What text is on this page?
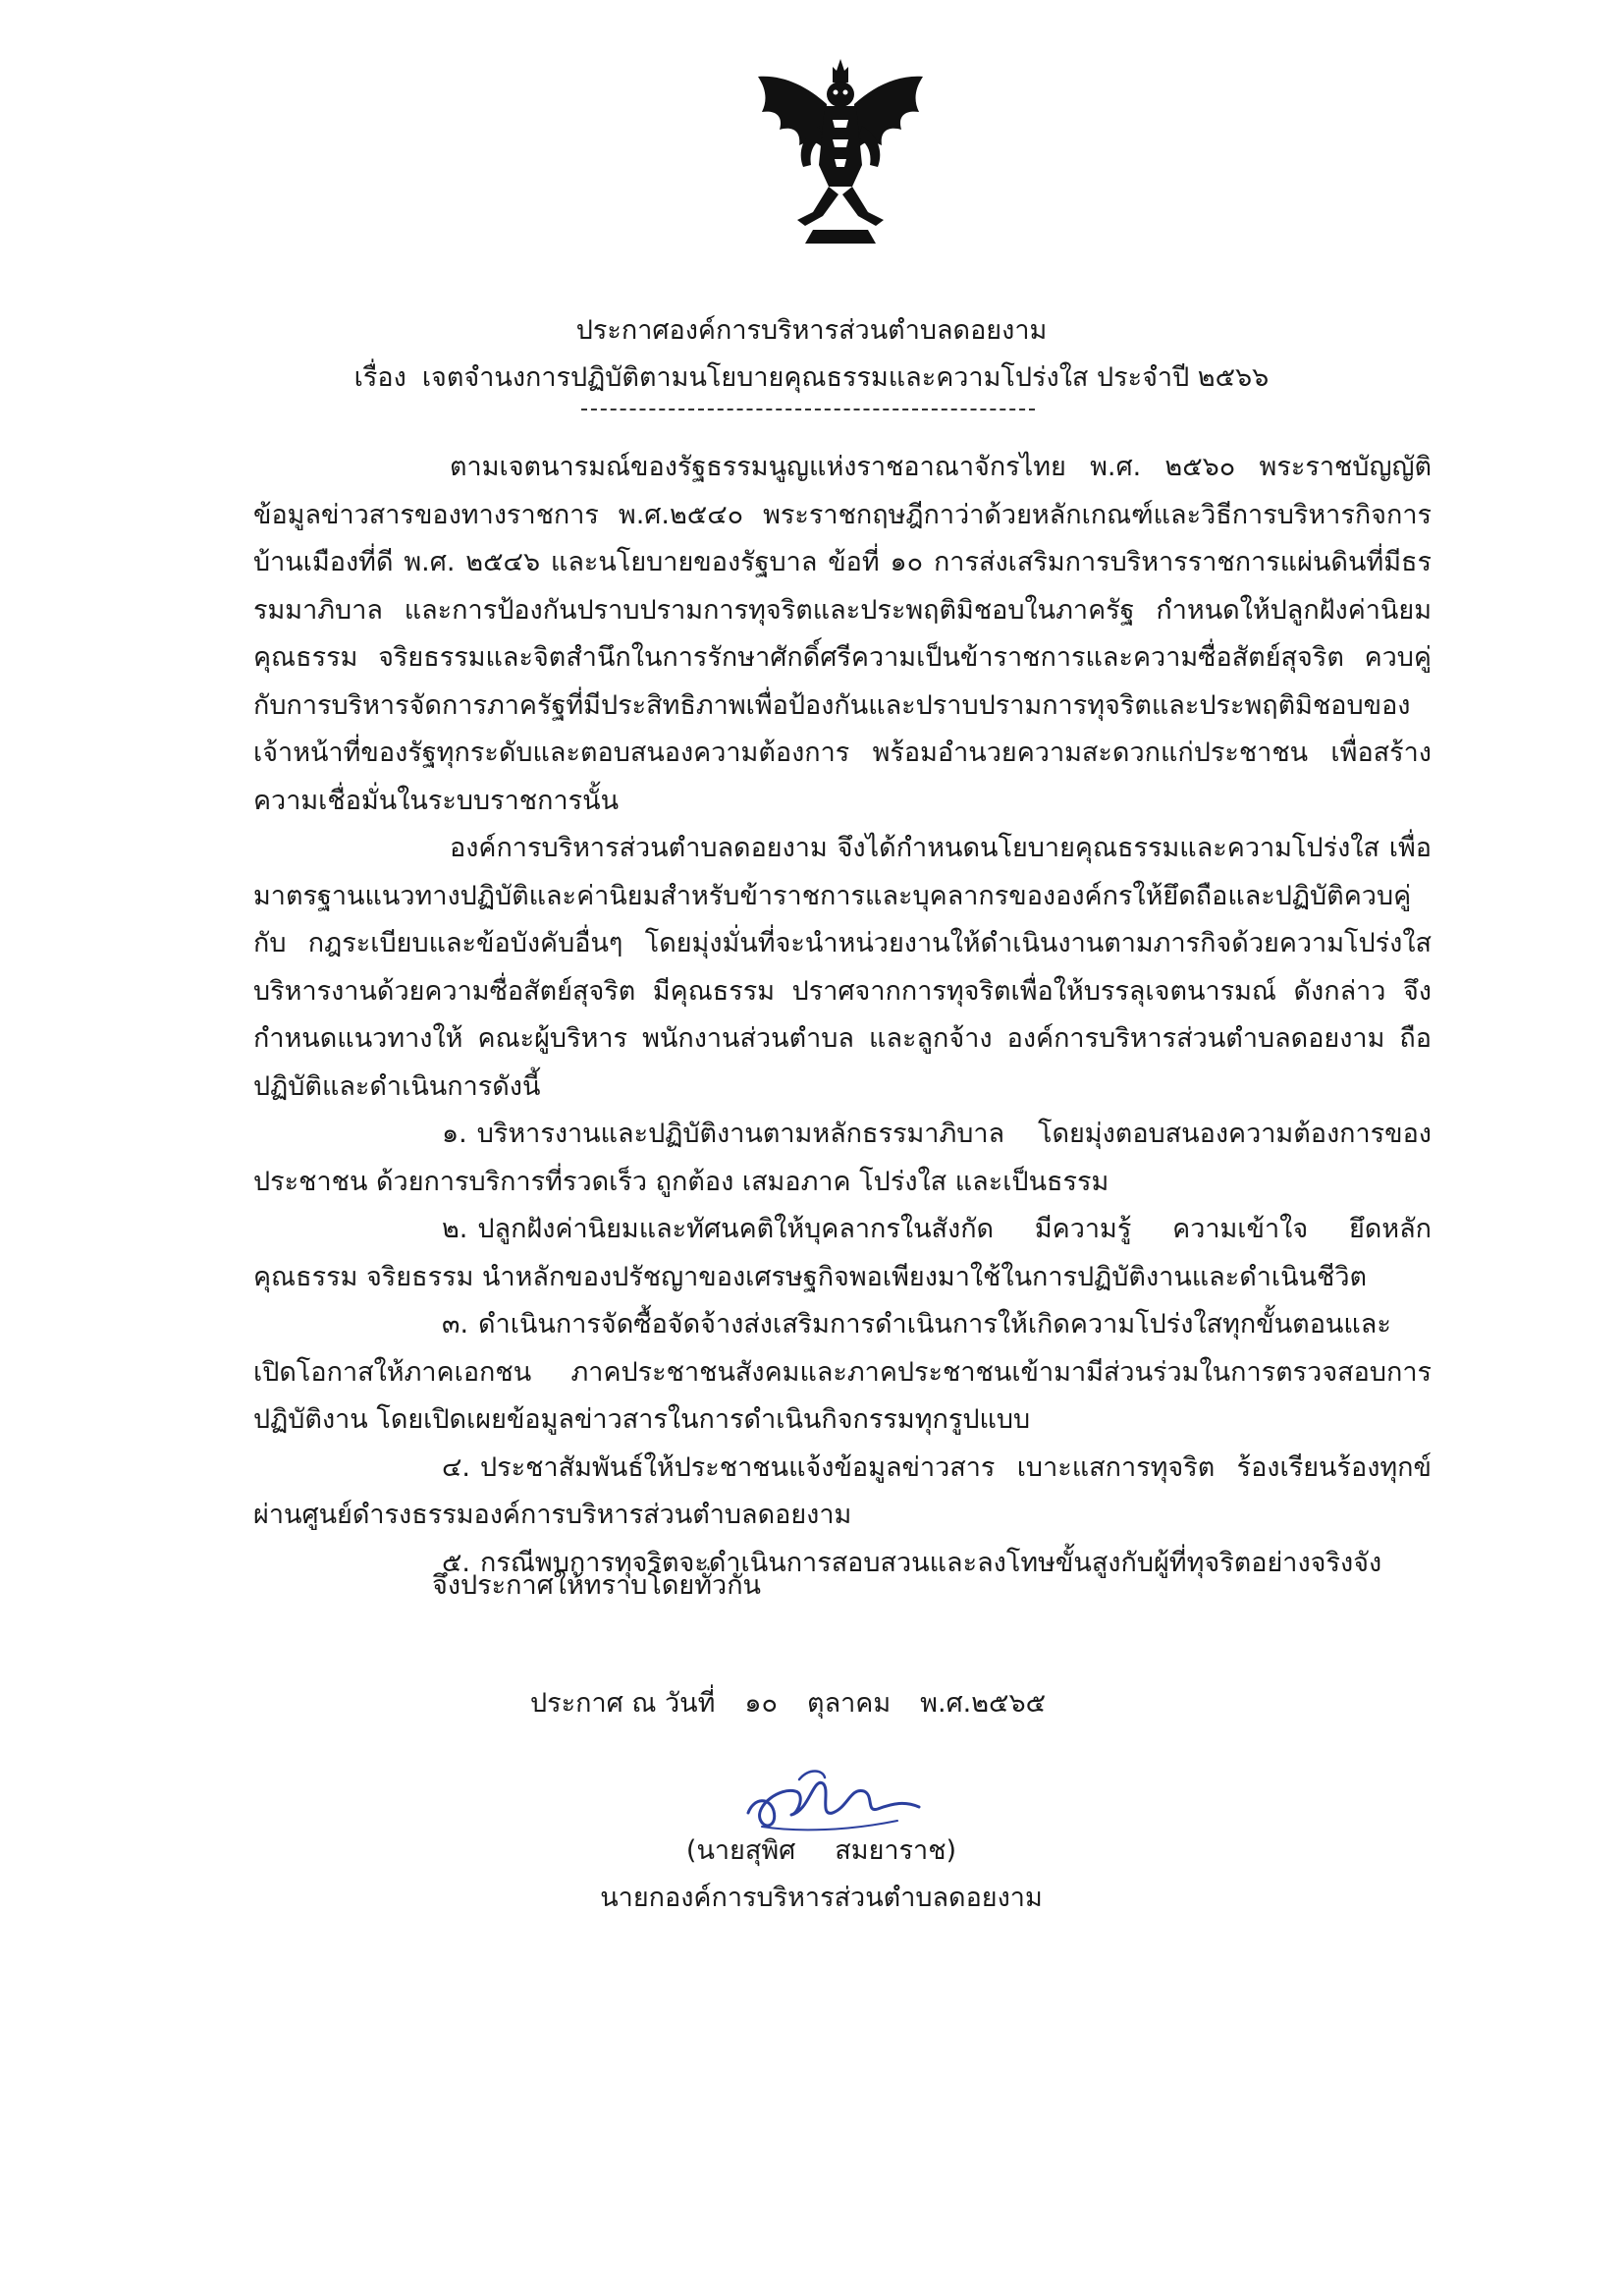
ประกาศองค์การบริหารส่วนตำบลดอยงาม
เรื่อง เจตจำนงการปฏิบัติตามนโยบายคุณธรรมและความโปร่งใส ประจำปี ๒๕๖๖

ตามเจตนารมณ์ของรัฐธรรมนูญแห่งราชอาณาจักรไทย พ.ศ. ๒๕๖๐ พระราชบัญญัติข้อมูลข่าวสารของทางราชการ พ.ศ.๒๕๔๐ พระราชกฤษฎีกาว่าด้วยหลักเกณฑ์และวิธีการบริหารกิจการบ้านเมืองที่ดี พ.ศ. ๒๕๔๖ และนโยบายของรัฐบาล ข้อที่ ๑๐ การส่งเสริมการบริหารราชการแผ่นดินที่มีธรรมมาภิบาล และการป้องกันปราบปรามการทุจริตและประพฤติมิชอบในภาครัฐ กำหนดให้ปลูกฝังค่านิยมคุณธรรม จริยธรรมและจิตสำนึกในการรักษาศักดิ์ศรีความเป็นข้าราชการและความซื่อสัตย์สุจริต ควบคู่กับการบริหารจัดการภาครัฐที่มีประสิทธิภาพเพื่อป้องกันและปราบปรามการทุจริตและประพฤติมิชอบของเจ้าหน้าที่ของรัฐทุกระดับและตอบสนองความต้องการ พร้อมอำนวยความสะดวกแก่ประชาชน เพื่อสร้างความเชื่อมั่นในระบบราชการนั้น

องค์การบริหารส่วนตำบลดอยงาม จึงได้กำหนดนโยบายคุณธรรมและความโปร่งใส เพื่อมาตรฐานแนวทางปฏิบัติและค่านิยมสำหรับข้าราชการและบุคลากรขององค์กรให้ยึดถือและปฏิบัติควบคู่กับ กฎระเบียบและข้อบังคับอื่นๆ โดยมุ่งมั่นที่จะนำหน่วยงานให้ดำเนินงานตามภารกิจด้วยความโปร่งใส บริหารงานด้วยความซื่อสัตย์สุจริต มีคุณธรรม ปราศจากการทุจริตเพื่อให้บรรลุเจตนารมณ์ ดังกล่าว จึงกำหนดแนวทางให้ คณะผู้บริหาร พนักงานส่วนตำบล และลูกจ้าง องค์การบริหารส่วนตำบลดอยงาม ถือปฏิบัติและดำเนินการดังนี้

๑. บริหารงานและปฏิบัติงานตามหลักธรรมาภิบาล โดยมุ่งตอบสนองความต้องการของประชาชน ด้วยการบริการที่รวดเร็ว ถูกต้อง เสมอภาค โปร่งใส และเป็นธรรม

๒. ปลูกฝังค่านิยมและทัศนคติให้บุคลากรในสังกัด มีความรู้ ความเข้าใจ ยึดหลักคุณธรรม จริยธรรม นำหลักของปรัชญาของเศรษฐกิจพอเพียงมาใช้ในการปฏิบัติงานและดำเนินชีวิต

๓. ดำเนินการจัดซื้อจัดจ้างส่งเสริมการดำเนินการให้เกิดความโปร่งใสทุกขั้นตอนและเปิดโอกาสให้ภาคเอกชน ภาคประชาชนสังคมและภาคประชาชนเข้ามามีส่วนร่วมในการตรวจสอบการปฏิบัติงาน โดยเปิดเผยข้อมูลข่าวสารในการดำเนินกิจกรรมทุกรูปแบบ

๔. ประชาสัมพันธ์ให้ประชาชนแจ้งข้อมูลข่าวสาร เบาะแสการทุจริต ร้องเรียนร้องทุกข์ผ่านศูนย์ดำรงธรรมองค์การบริหารส่วนตำบลดอยงาม

๕. กรณีพบการทุจริตจะดำเนินการสอบสวนและลงโทษขั้นสูงกับผู้ที่ทุจริตอย่างจริงจัง

จึงประกาศให้ทราบโดยทั่วกัน
ประกาศ ณ วันที่ ๑๐ ตุลาคม พ.ศ.๒๕๖๕
(นายสุพิศ สมยาราช)
นายกองค์การบริหารส่วนตำบลดอยงาม
